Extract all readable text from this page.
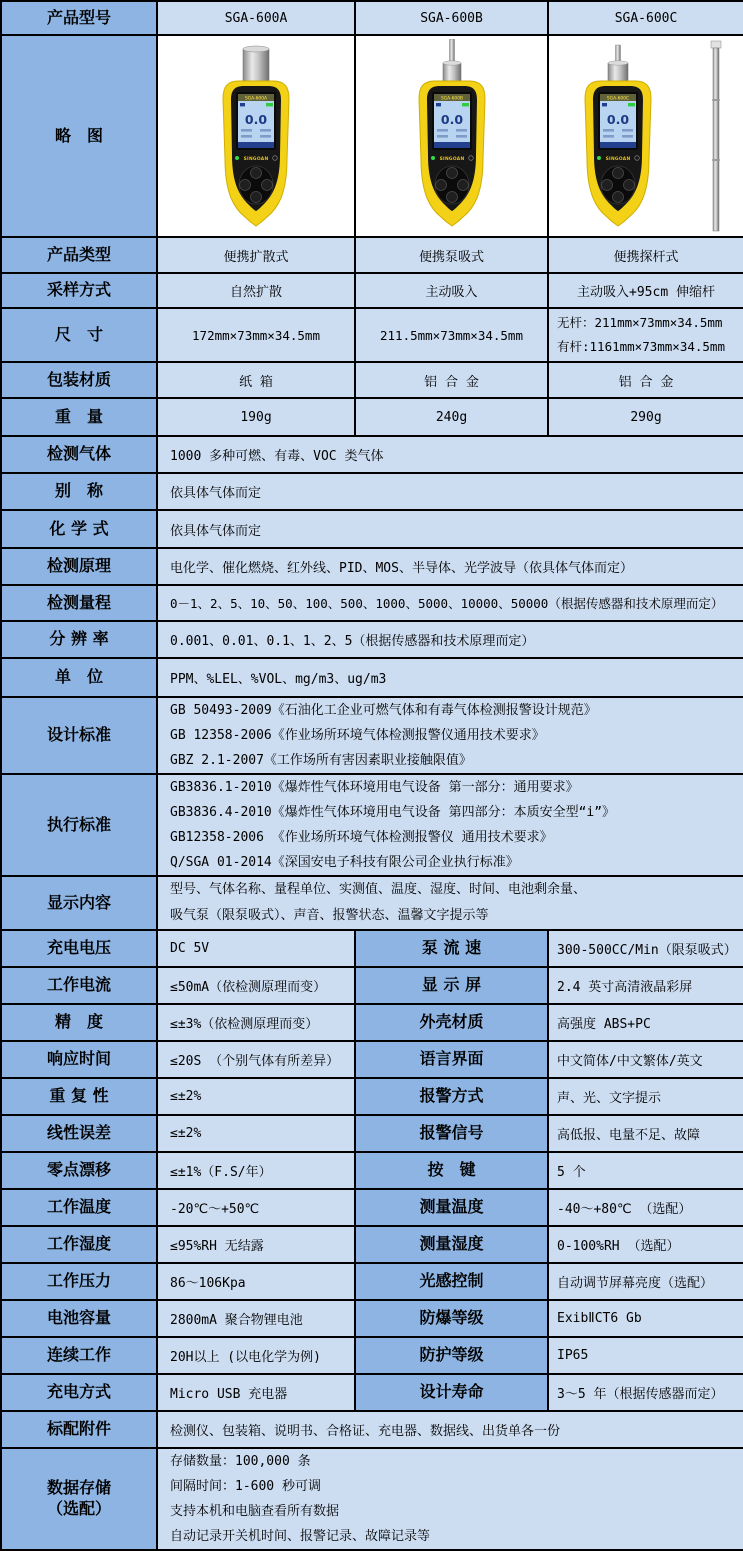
产品型号	SGA-600A	SGA-600B	SGA-600C
略　图	SGA-600A
0.0
SINGOAN	SGA-600B
0.0
SINGOAN	SGA-600C
0.0
SINGOAN

产品类型	便携扩散式	便携泵吸式	便携探杆式
采样方式	自然扩散	主动吸入	主动吸入+95cm 伸缩杆
尺　寸	172mm×73mm×34.5mm	211.5mm×73mm×34.5mm	无杆：211mm×73mm×34.5mm
有杆:1161mm×73mm×34.5mm

包装材质	纸 箱	铝 合 金	铝 合 金
重　量	190g	240g	290g
检测气体	1000 多种可燃、有毒、VOC 类气体		
别　称	依具体气体而定		
化 学 式	依具体气体而定		
检测原理	电化学、催化燃烧、红外线、PID、MOS、半导体、光学波导（依具体气体而定）		
检测量程	0－1、2、5、10、50、100、500、1000、5000、10000、50000（根据传感器和技术原理而定）		
分 辨 率	0.001、0.01、0.1、1、2、5（根据传感器和技术原理而定）		
单　位	PPM、%LEL、%VOL、mg/m3、ug/m3		
设计标准	GB 50493-2009《石油化工企业可燃气体和有毒气体检测报警设计规范》
GB 12358-2006《作业场所环境气体检测报警仪通用技术要求》
GBZ 2.1-2007《工作场所有害因素职业接触限值》		

执行标准	GB3836.1-2010《爆炸性气体环境用电气设备 第一部分：通用要求》
GB3836.4-2010《爆炸性气体环境用电气设备 第四部分：本质安全型“i”》
GB12358-2006 《作业场所环境气体检测报警仪 通用技术要求》
Q/SGA 01-2014《深国安电子科技有限公司企业执行标准》		

显示内容	型号、气体名称、量程单位、实测值、温度、湿度、时间、电池剩余量、
吸气泵（限泵吸式）、声音、报警状态、温馨文字提示等		

充电电压	DC 5V	泵 流 速	300-500CC/Min（限泵吸式）
工作电流	≤50mA（依检测原理而变）	显 示 屏	2.4 英寸高清液晶彩屏
精　度	≤±3%（依检测原理而变）	外壳材质	高强度 ABS+PC
响应时间	≤20S （个别气体有所差异）	语言界面	中文简体/中文繁体/英文
重 复 性	≤±2%	报警方式	声、光、文字提示
线性误差	≤±2%	报警信号	高低报、电量不足、故障
零点漂移	≤±1%（F.S/年）	按　键	5 个
工作温度	-20℃～+50℃	测量温度	-40～+80℃ （选配）
工作湿度	≤95%RH 无结露	测量湿度	0-100%RH （选配）
工作压力	86～106Kpa	光感控制	自动调节屏幕亮度（选配）
电池容量	2800mA 聚合物锂电池	防爆等级	ExibⅡCT6 Gb
连续工作	20H以上 (以电化学为例)	防护等级	IP65
充电方式	Micro USB 充电器	设计寿命	3～5 年（根据传感器而定）
标配附件	检测仪、包装箱、说明书、合格证、充电器、数据线、出货单各一份		

数据存储
（选配）

存储数量：100,000 条
间隔时间：1-600 秒可调
支持本机和电脑查看所有数据
自动记录开关机时间、报警记录、故障记录等
